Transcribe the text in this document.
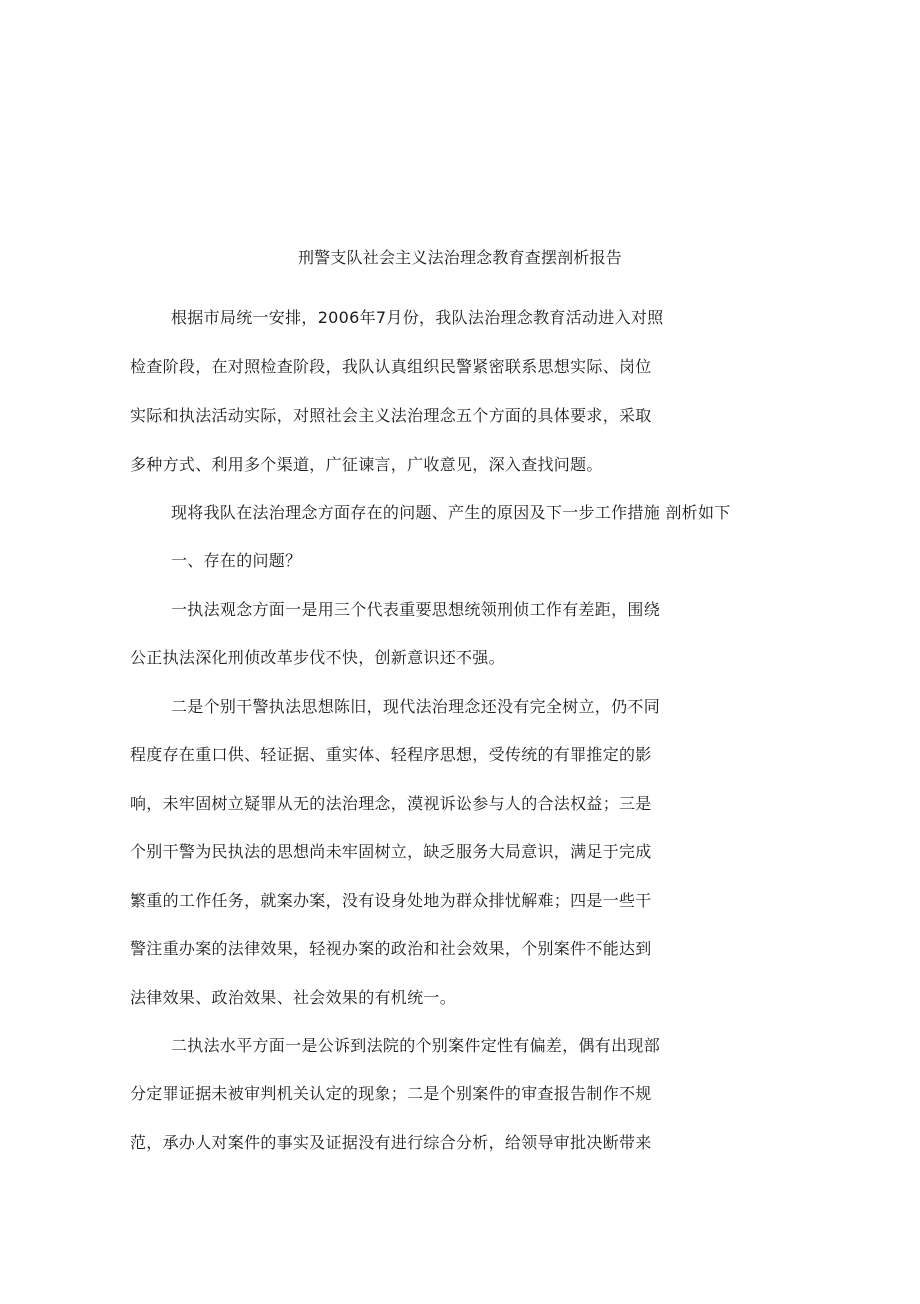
刑警支队社会主义法治理念教育查摆剖析报告
根据市局统一安排，2006年7月份，我队法治理念教育活动进入对照
检查阶段，在对照检查阶段，我队认真组织民警紧密联系思想实际、岗位
实际和执法活动实际，对照社会主义法治理念五个方面的具体要求，采取
多种方式、利用多个渠道，广征谏言，广收意见，深入查找问题。
现将我队在法治理念方面存在的问题、产生的原因及下一步工作措施 剖析如下
一、存在的问题？
一执法观念方面一是用三个代表重要思想统领刑侦工作有差距，围绕
公正执法深化刑侦改革步伐不快，创新意识还不强。
二是个别干警执法思想陈旧，现代法治理念还没有完全树立，仍不同
程度存在重口供、轻证据、重实体、轻程序思想，受传统的有罪推定的影
响，未牢固树立疑罪从无的法治理念，漠视诉讼参与人的合法权益；三是
个别干警为民执法的思想尚未牢固树立，缺乏服务大局意识，满足于完成
繁重的工作任务，就案办案，没有设身处地为群众排忧解难；四是一些干
警注重办案的法律效果，轻视办案的政治和社会效果，个别案件不能达到
法律效果、政治效果、社会效果的有机统一。
二执法水平方面一是公诉到法院的个别案件定性有偏差，偶有出现部
分定罪证据未被审判机关认定的现象；二是个别案件的审查报告制作不规
范，承办人对案件的事实及证据没有进行综合分析，给领导审批决断带来
